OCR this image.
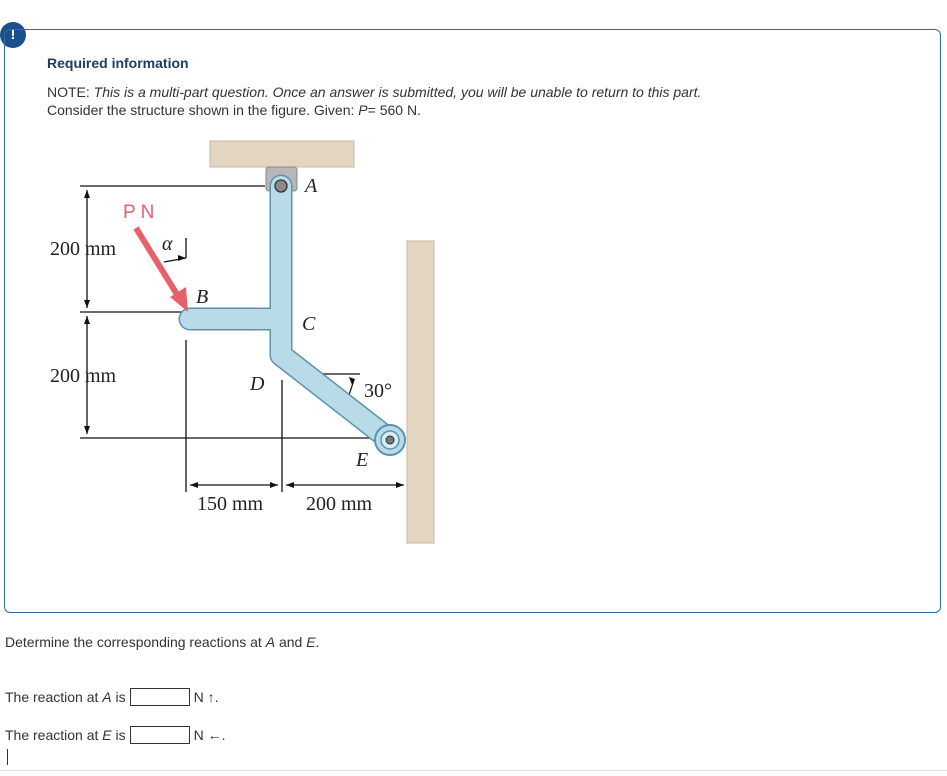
!
Required information
NOTE: This is a multi-part question. Once an answer is submitted, you will be unable to return to this part.
Consider the structure shown in the figure. Given: P= 560 N.
A
B
C
D
E
α
200 mm
200 mm
150 mm 200 mm
30°
P N
Determine the corresponding reactions at A and E.
The reaction at
A
is	N ↑.
The reaction at
E
is	N ←.
